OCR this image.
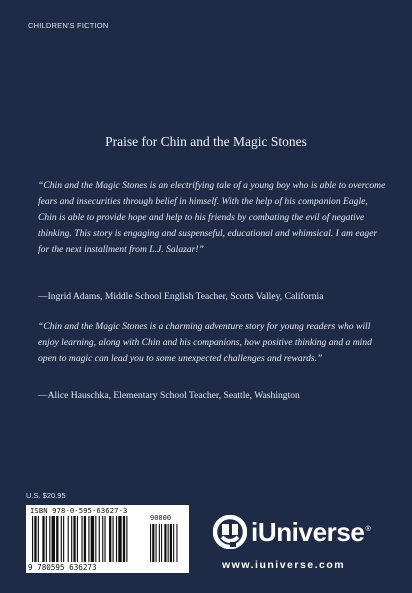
CHILDREN'S FICTION
Praise for Chin and the Magic Stones
“Chin and the Magic Stones is an electrifying tale of a young boy who is able to overcome fears and insecurities through belief in himself. With the help of his companion Eagle, Chin is able to provide hope and help to his friends by combating the evil of negative thinking. This story is engaging and suspenseful, educational and whimsical. I am eager for the next installment from L.J. Salazar!”
—Ingrid Adams, Middle School English Teacher, Scotts Valley, California
“Chin and the Magic Stones is a charming adventure story for young readers who will enjoy learning, along with Chin and his companions, how positive thinking and a mind open to magic can lead you to some unexpected challenges and rewards.”
—Alice Hauschka, Elementary School Teacher, Seattle, Washington
U.S. $20.95
ISBN 978-0-595-63627-3
90000
9 780595 636273
iUniverse®
www.iuniverse.com
